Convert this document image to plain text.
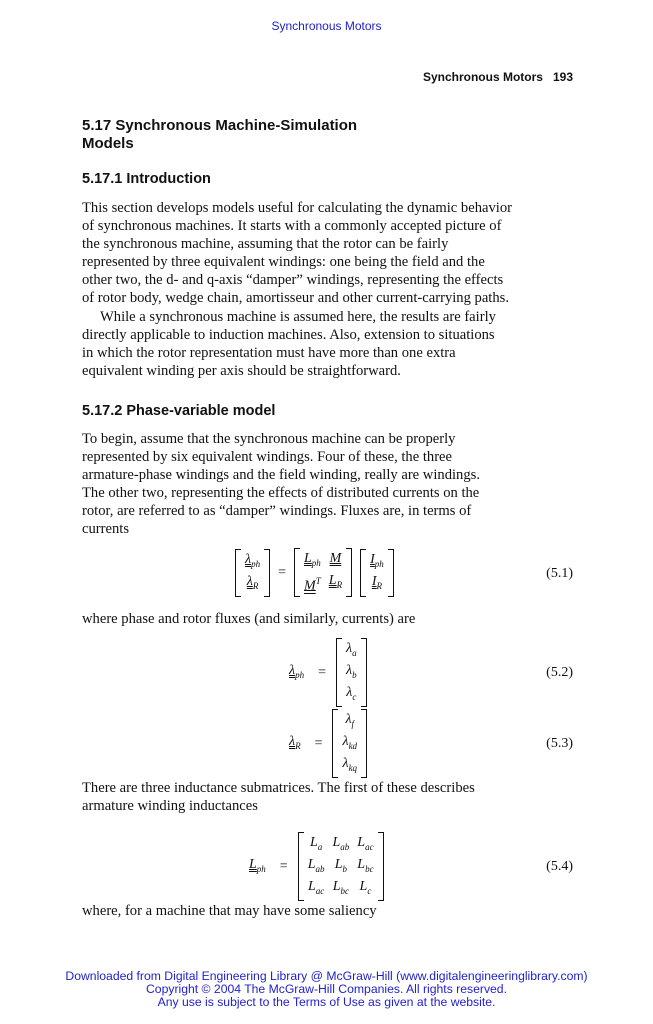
Synchronous Motors
Synchronous Motors 193
5.17 Synchronous Machine-Simulation
Models
5.17.1 Introduction
This section develops models useful for calculating the dynamic behavior
of synchronous machines. It starts with a commonly accepted picture of
the synchronous machine, assuming that the rotor can be fairly
represented by three equivalent windings: one being the field and the
other two, the d- and q-axis “damper” windings, representing the effects
of rotor body, wedge chain, amortisseur and other current-carrying paths.
While a synchronous machine is assumed here, the results are fairly
directly applicable to induction machines. Also, extension to situations
in which the rotor representation must have more than one extra
equivalent winding per axis should be straightforward.
5.17.2 Phase-variable model
To begin, assume that the synchronous machine can be properly
represented by six equivalent windings. Four of these, the three
armature-phase windings and the field winding, really are windings.
The other two, representing the effects of distributed currents on the
rotor, are referred to as “damper” windings. Fluxes are, in terms of
currents
$\lambda_{ph}$
$\lambda_R$
=
$L_{ph}$ M
$M^T$ $L_R$
$I_{ph}$
$I_R$
(5.1)
where phase and rotor fluxes (and similarly, currents) are
$\lambda_{ph}$ =
$\lambda_a$
$\lambda_b$
$\lambda_c$
(5.2)
$\lambda_R$ =
$\lambda_f$
$\lambda_{kd}$
$\lambda_{kq}$
(5.3)
There are three inductance submatrices. The first of these describes
armature winding inductances
$L_{ph}$ =
$L_a$ $L_{ab}$ $L_{ac}$
$L_{ab}$ $L_b$ $L_{bc}$
$L_{ac}$ $L_{bc}$ $L_c$
(5.4)
where, for a machine that may have some saliency
Downloaded from Digital Engineering Library @ McGraw-Hill (www.digitalengineeringlibrary.com)
Copyright © 2004 The McGraw-Hill Companies. All rights reserved.
Any use is subject to the Terms of Use as given at the website.
